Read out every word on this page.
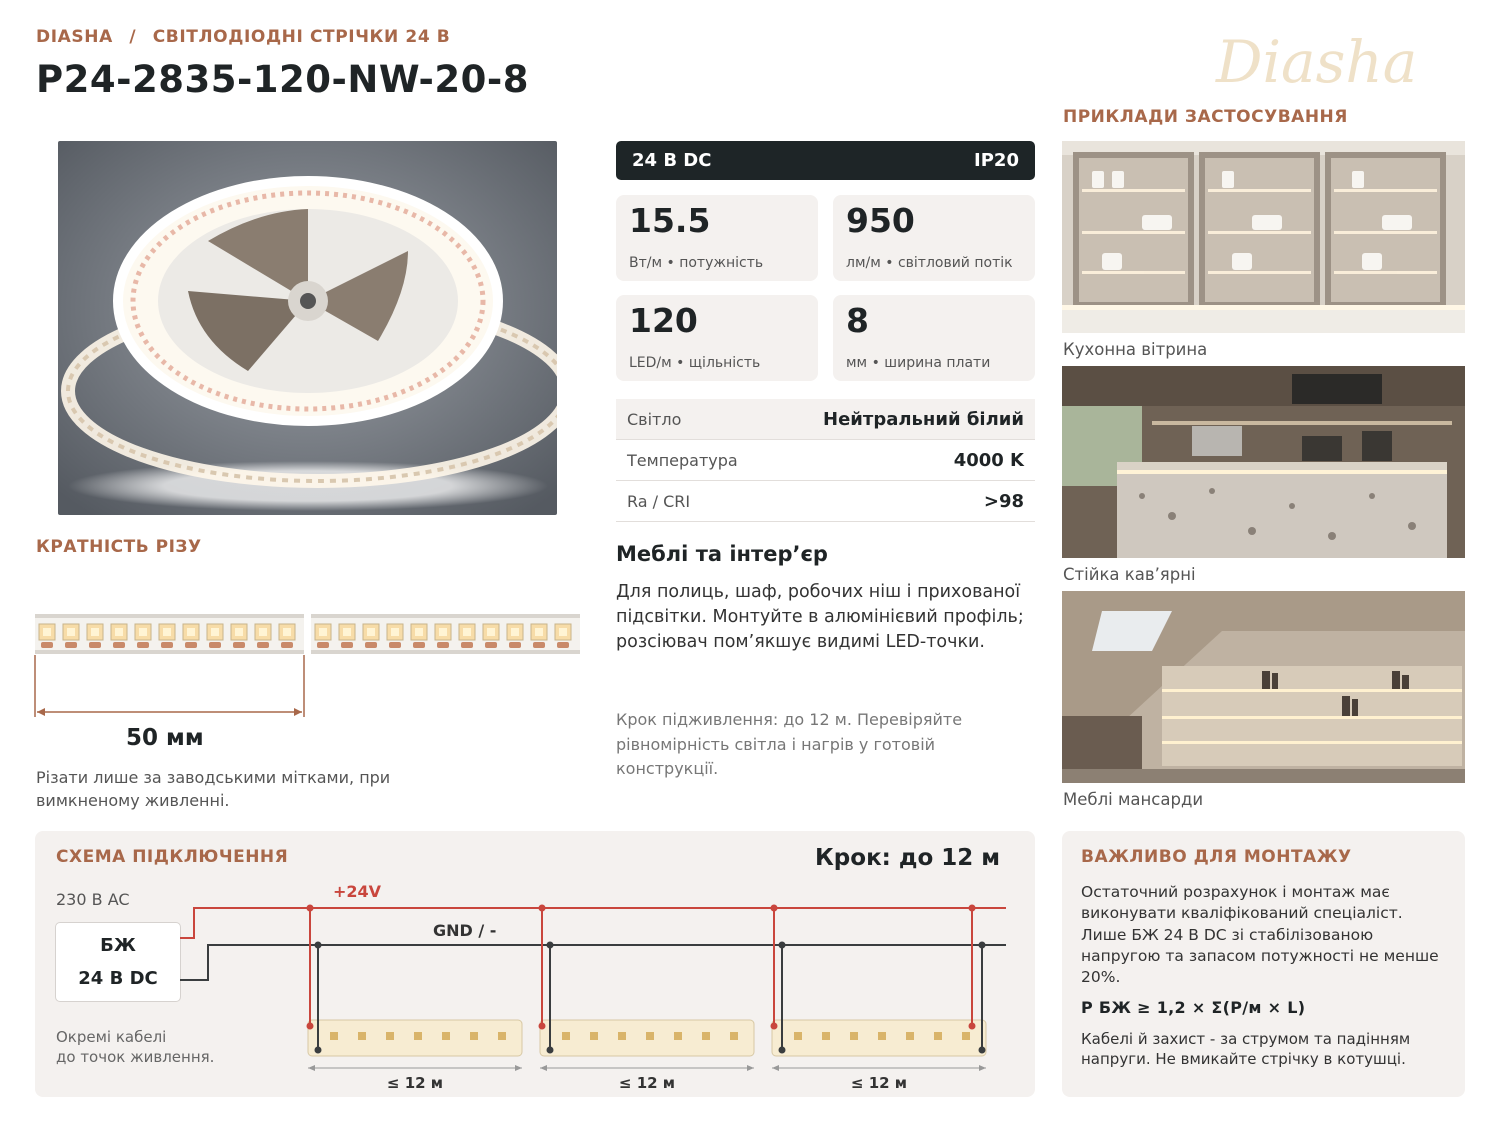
DIASHA / СВІТЛОДІОДНІ СТРІЧКИ 24 В
P24-2835-120-NW-20-8	Diasha
24 В DC	IP20
15.5
Вт/м • потужність
950
лм/м • світловий потік
120
LED/м • щільність
8
мм • ширина плати
Світло	Нейтральний білий
Температура	4000 K
Ra / CRI	>98
Меблі та інтер’єр
Для полиць, шаф, робочих ніш і прихованої підсвітки. Монтуйте в алюмінієвий профіль; розсіювач пом’якшує видимі LED-точки.
Крок підживлення: до 12 м. Перевіряйте рівномірність світла і нагрів у готовій конструкції.
КРАТНІСТЬ РІЗУ
50 мм
Різати лише за заводськими мітками, при вимкненому живленні.
ПРИКЛАДИ ЗАСТОСУВАННЯ
Кухонна вітрина
Стійка кав’ярні
Меблі мансарди
СХЕМА ПІДКЛЮЧЕННЯ	Крок: до 12 м
230 В AC
БЖ
24 В DC
Окремі кабелі
до точок живлення.
+24V
GND / -
≤ 12 м	≤ 12 м	≤ 12 м
ВАЖЛИВО ДЛЯ МОНТАЖУ
Остаточний розрахунок і монтаж має виконувати кваліфікований спеціаліст. Лише БЖ 24 В DC зі стабілізованою напругою та запасом потужності не менше 20%.
P БЖ ≥ 1,2 × Σ(P/м × L)
Кабелі й захист - за струмом та падінням напруги. Не вмикайте стрічку в котушці.
